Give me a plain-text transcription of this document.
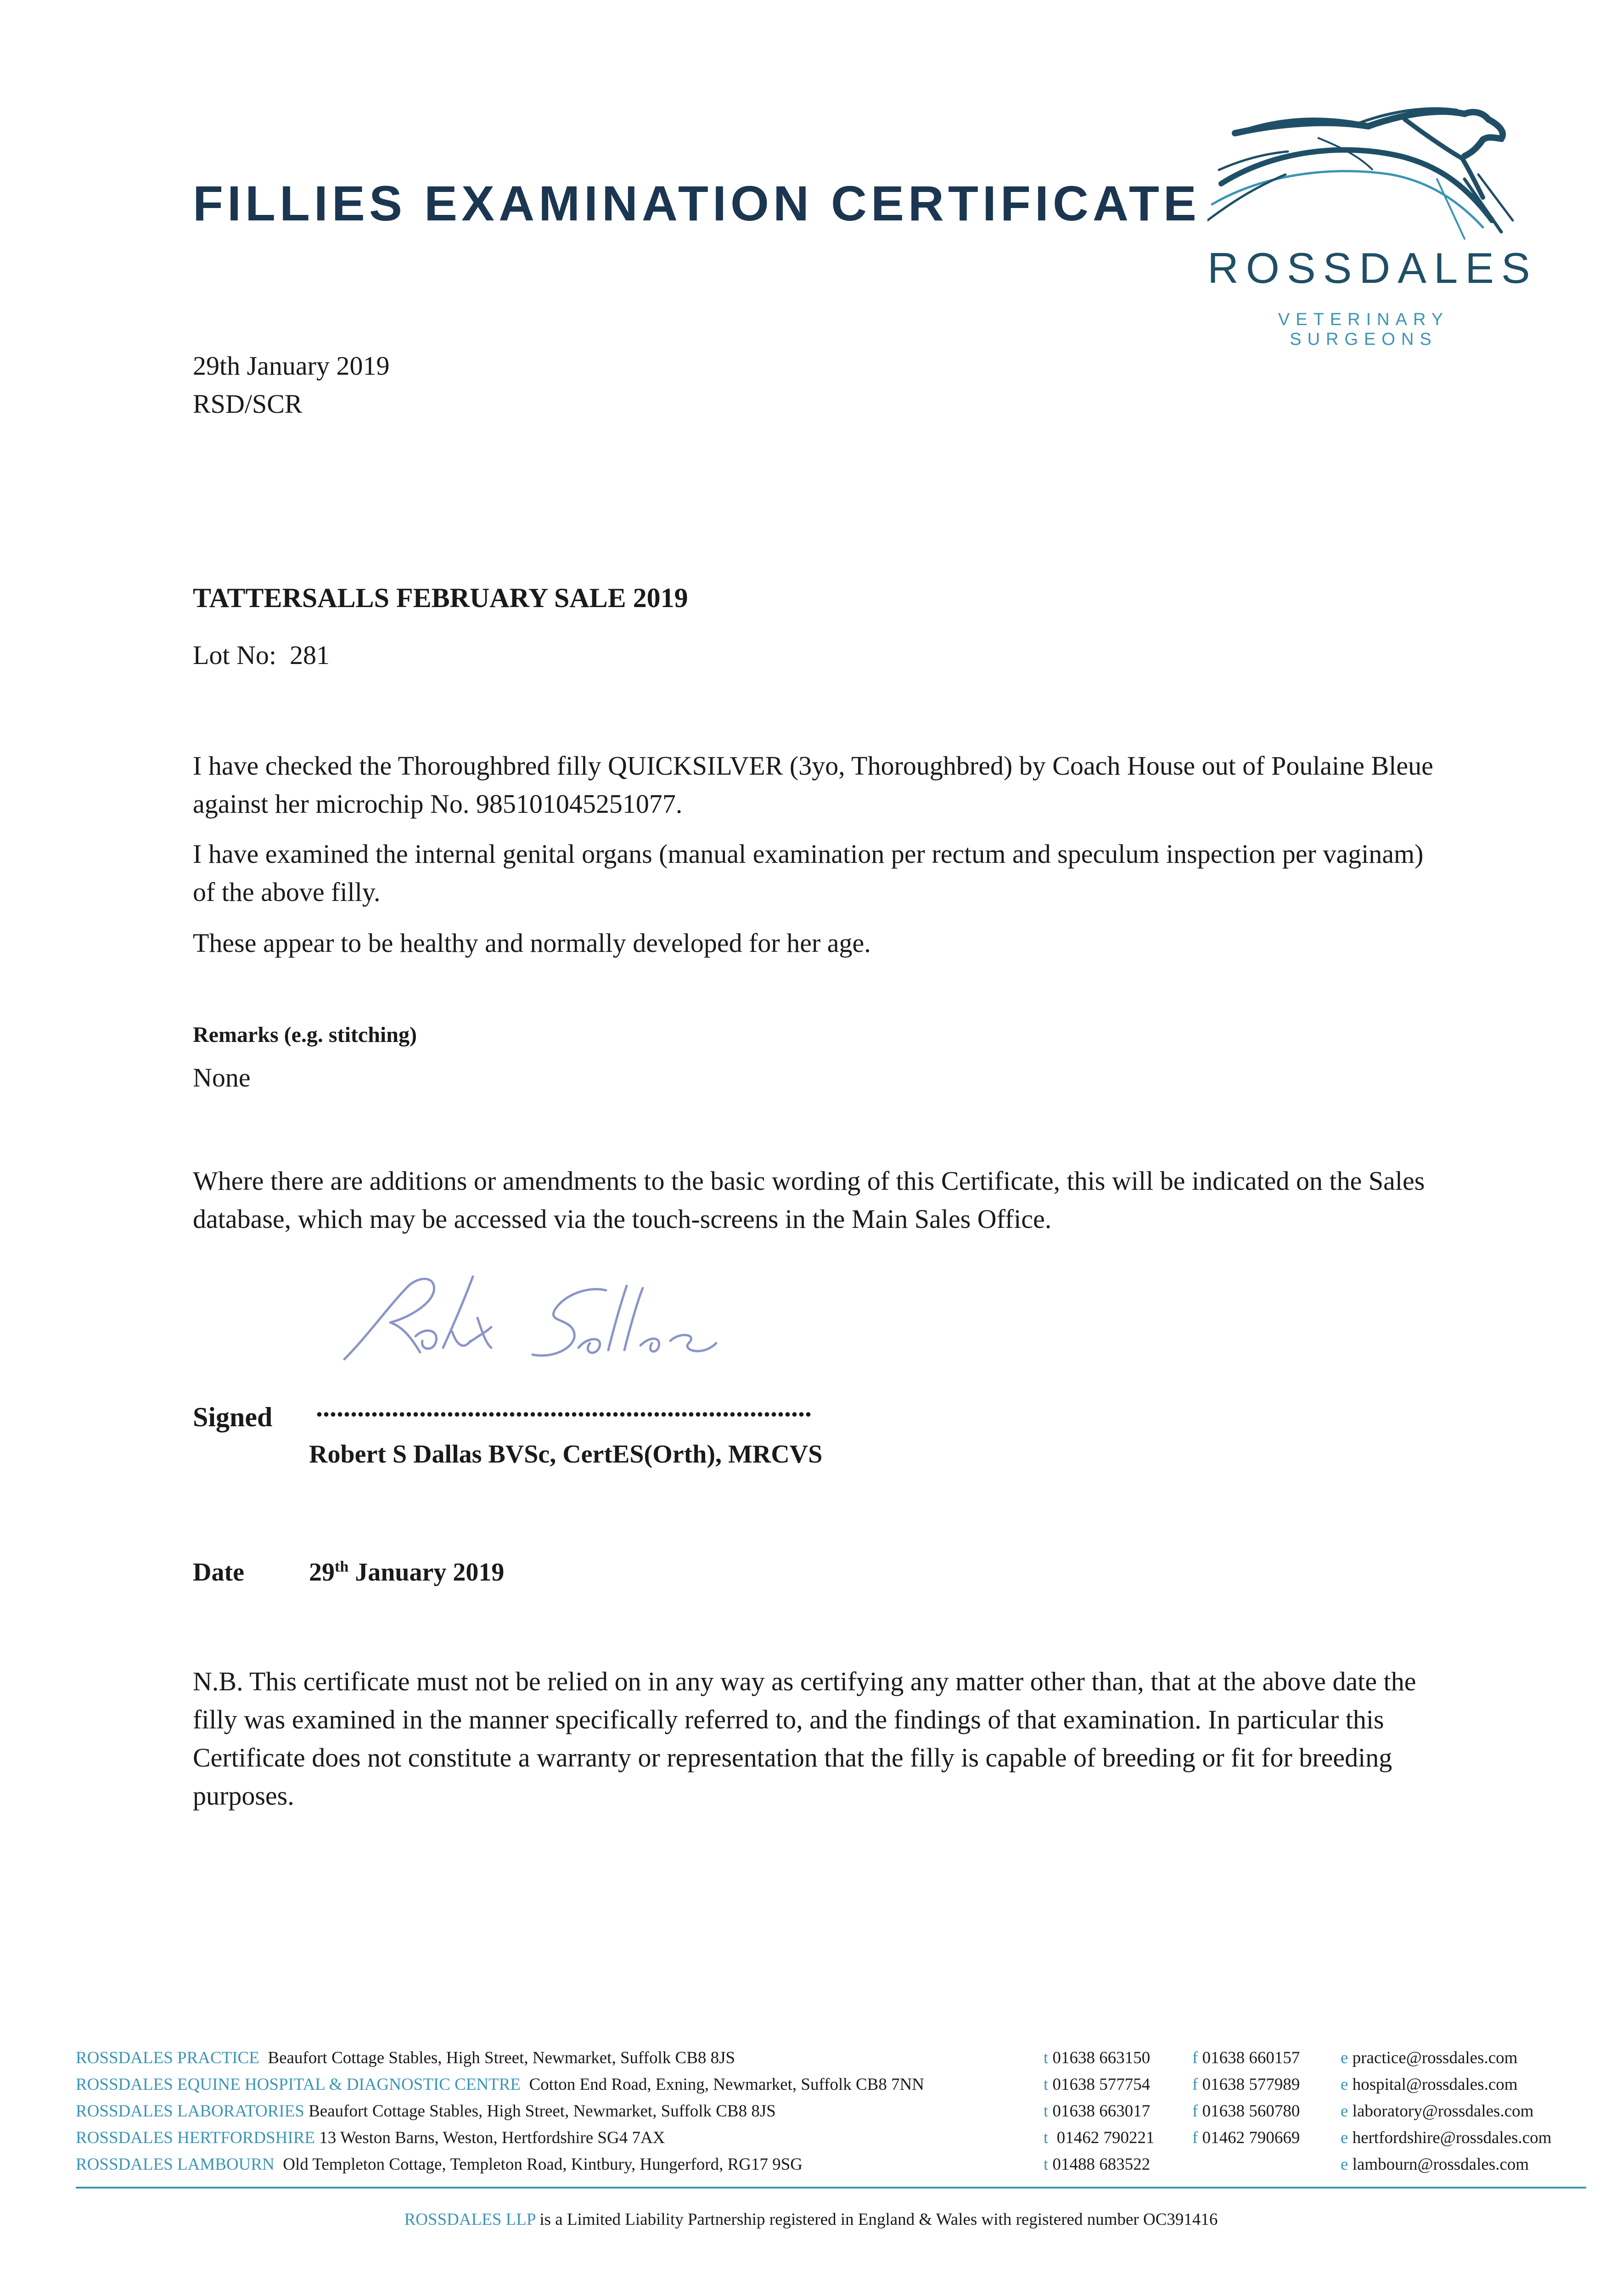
FILLIES EXAMINATION CERTIFICATE
ROSSDALES
VETERINARY SURGEONS
29th January 2019
RSD/SCR
TATTERSALLS FEBRUARY SALE 2019
Lot No: 281
I have checked the Thoroughbred filly QUICKSILVER (3yo, Thoroughbred) by Coach House out of Poulaine Bleue against her microchip No. 985101045251077.
I have examined the internal genital organs (manual examination per rectum and speculum inspection per vaginam) of the above filly.
These appear to be healthy and normally developed for her age.
Remarks (e.g. stitching)
None
Where there are additions or amendments to the basic wording of this Certificate, this will be indicated on the Sales database, which may be accessed via the touch-screens in the Main Sales Office.
Signed ........................................................................
Robert S Dallas BVSc, CertES(Orth), MRCVS
Date	29th January 2019
N.B. This certificate must not be relied on in any way as certifying any matter other than, that at the above date the filly was examined in the manner specifically referred to, and the findings of that examination. In particular this Certificate does not constitute a warranty or representation that the filly is capable of breeding or fit for breeding purposes.
ROSSDALES PRACTICE Beaufort Cottage Stables, High Street, Newmarket, Suffolk CB8 8JS	t 01638 663150 f 01638 660157 e practice@rossdales.com
ROSSDALES EQUINE HOSPITAL & DIAGNOSTIC CENTRE Cotton End Road, Exning, Newmarket, Suffolk CB8 7NN	t 01638 577754 f 01638 577989 e hospital@rossdales.com
ROSSDALES LABORATORIES Beaufort Cottage Stables, High Street, Newmarket, Suffolk CB8 8JS	t 01638 663017 f 01638 560780 e laboratory@rossdales.com
ROSSDALES HERTFORDSHIRE 13 Weston Barns, Weston, Hertfordshire SG4 7AX	t 01462 790221 f 01462 790669 e hertfordshire@rossdales.com
ROSSDALES LAMBOURN Old Templeton Cottage, Templeton Road, Kintbury, Hungerford, RG17 9SG	t 01488 683522	e lambourn@rossdales.com
ROSSDALES LLP is a Limited Liability Partnership registered in England & Wales with registered number OC391416
